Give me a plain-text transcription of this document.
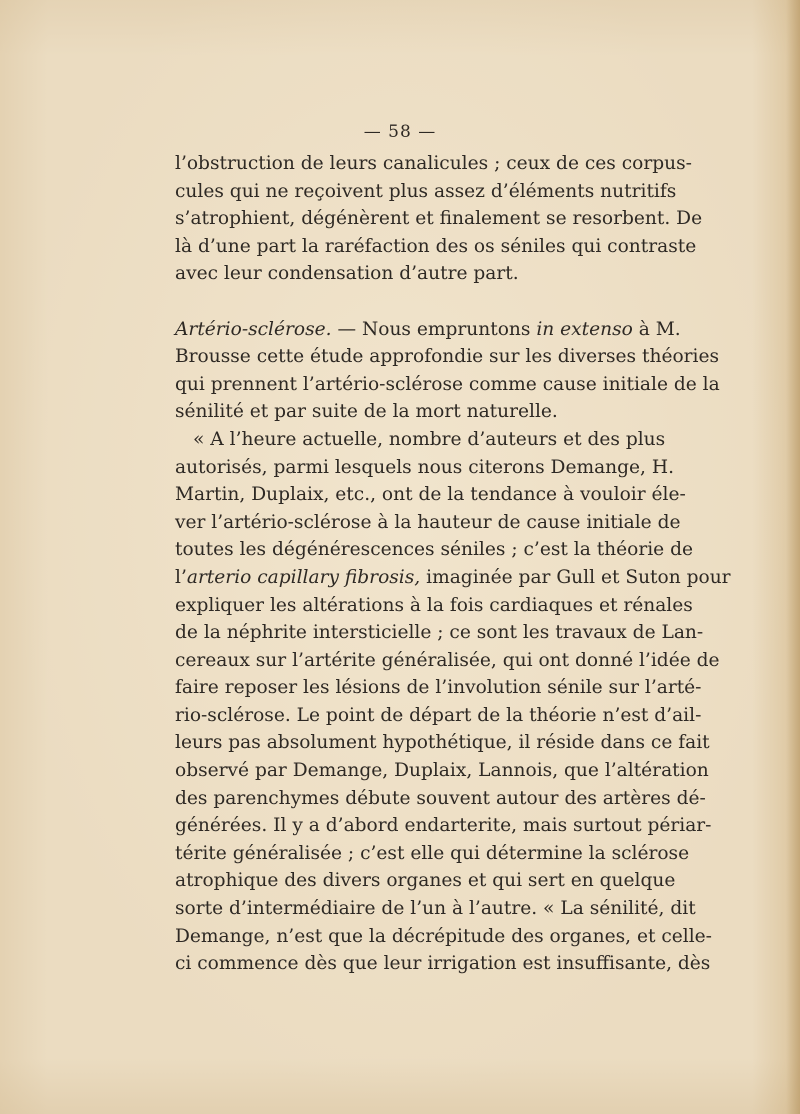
— 58 —
l’obstruction de leurs canalicules ; ceux de ces corpus-
cules qui ne reçoivent plus assez d’éléments nutritifs
s’atrophient, dégénèrent et finalement se resorbent. De
là d’une part la raréfaction des os séniles qui contraste
avec leur condensation d’autre part.
Artério-sclérose. — Nous empruntons in extenso à M.
Brousse cette étude approfondie sur les diverses théories
qui prennent l’artério-sclérose comme cause initiale de la
sénilité et par suite de la mort naturelle.
« A l’heure actuelle, nombre d’auteurs et des plus
autorisés, parmi lesquels nous citerons Demange, H.
Martin, Duplaix, etc., ont de la tendance à vouloir éle-
ver l’artério-sclérose à la hauteur de cause initiale de
toutes les dégénérescences séniles ; c’est la théorie de
l’arterio capillary fibrosis, imaginée par Gull et Suton pour
expliquer les altérations à la fois cardiaques et rénales
de la néphrite intersticielle ; ce sont les travaux de Lan-
cereaux sur l’artérite généralisée, qui ont donné l’idée de
faire reposer les lésions de l’involution sénile sur l’arté-
rio-sclérose. Le point de départ de la théorie n’est d’ail-
leurs pas absolument hypothétique, il réside dans ce fait
observé par Demange, Duplaix, Lannois, que l’altération
des parenchymes débute souvent autour des artères dé-
générées. Il y a d’abord endarterite, mais surtout périar-
térite généralisée ; c’est elle qui détermine la sclérose
atrophique des divers organes et qui sert en quelque
sorte d’intermédiaire de l’un à l’autre. « La sénilité, dit
Demange, n’est que la décrépitude des organes, et celle-
ci commence dès que leur irrigation est insuffisante, dès
